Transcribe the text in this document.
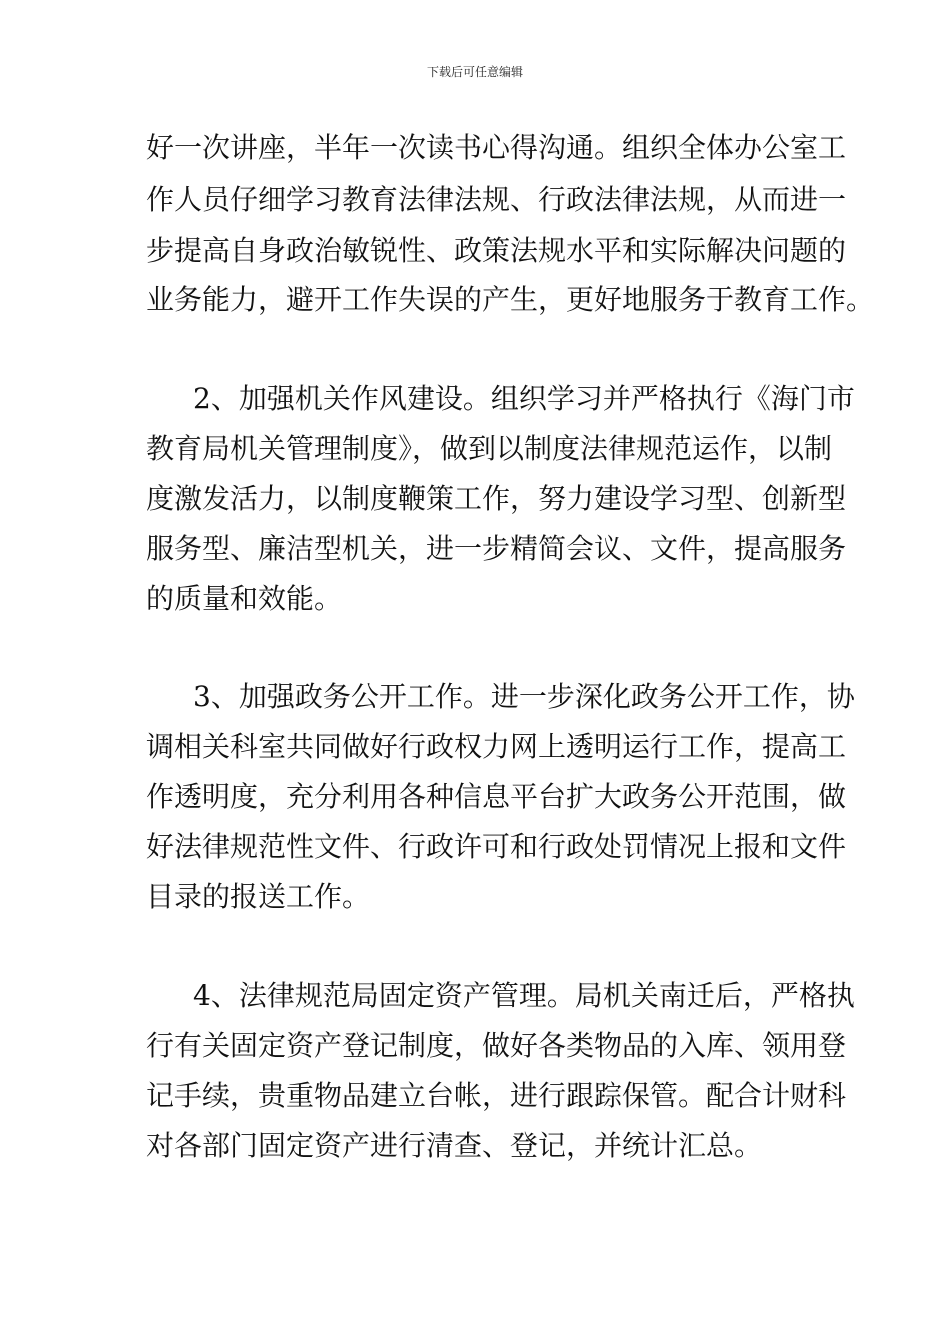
下载后可任意编辑
好一次讲座，半年一次读书心得沟通。组织全体办公室工
作人员仔细学习教育法律法规、行政法律法规，从而进一
步提高自身政治敏锐性、政策法规水平和实际解决问题的
业务能力，避开工作失误的产生，更好地服务于教育工作。
2、加强机关作风建设。组织学习并严格执行《海门市
教育局机关管理制度》，做到以制度法律规范运作，以制
度激发活力，以制度鞭策工作，努力建设学习型、创新型
服务型、廉洁型机关，进一步精简会议、文件，提高服务
的质量和效能。
3、加强政务公开工作。进一步深化政务公开工作，协
调相关科室共同做好行政权力网上透明运行工作，提高工
作透明度，充分利用各种信息平台扩大政务公开范围，做
好法律规范性文件、行政许可和行政处罚情况上报和文件
目录的报送工作。
4、法律规范局固定资产管理。局机关南迁后，严格执
行有关固定资产登记制度，做好各类物品的入库、领用登
记手续，贵重物品建立台帐，进行跟踪保管。配合计财科
对各部门固定资产进行清查、登记，并统计汇总。
